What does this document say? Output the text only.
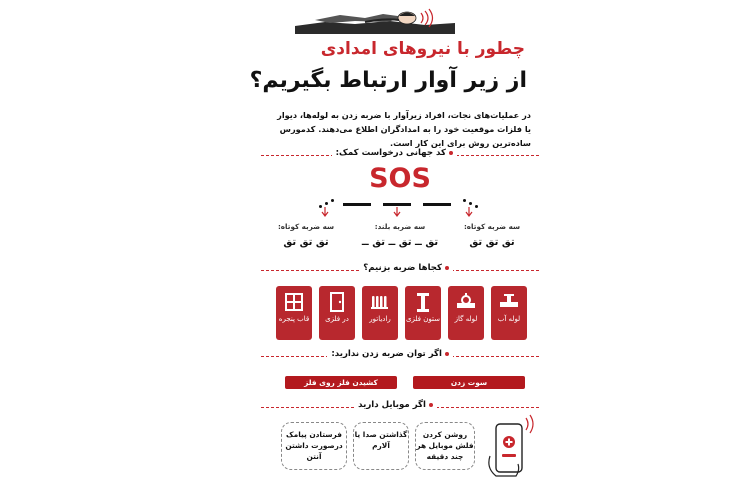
چطور با نیروهای امدادی
از زیر آوار ارتباط بگیریم؟
در عملیات‌های نجات، افراد زیرآوار با ضربه زدن به لوله‌ها، دیوار یا فلزات موقعیت خود را به امدادگران اطلاع می‌دهند. کدمورس ساده‌ترین روش برای این کار است.
کد جهانی درخواست کمک:
SOS
سه ضربه کوتاه:
تق تق تق
سه ضربه بلند:
تق ــ تق ــ تق ــ
سه ضربه کوتاه:
تق تق تق
کجاها ضربه بزنیم؟
لوله آب
لوله گاز
ستون فلزی
رادیاتور
در فلزی
قاب پنجره
اگر توان ضربه زدن ندارید:
سوت زدن
کشیدن فلز روی فلز
اگر موبایل دارید
روشن کردن فلش موبایل هر چند دقیقه
گذاشتن صدا یا آلارم
فرستادن پیامک درصورت داشتن آنتن
